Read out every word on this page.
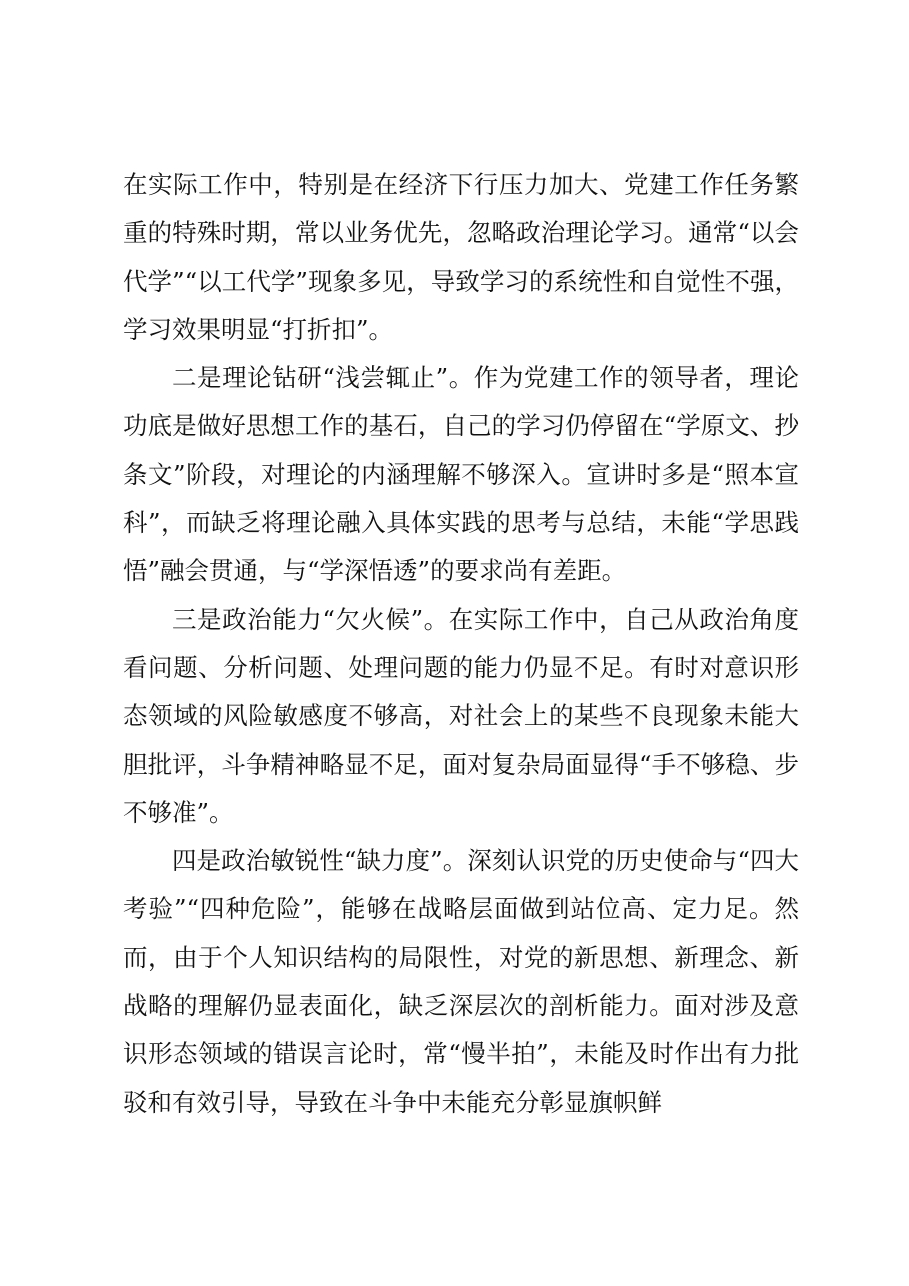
在实际工作中，特别是在经济下行压力加大、党建工作任务繁重的特殊时期，常以业务优先，忽略政治理论学习。通常“以会代学”“以工代学”现象多见，导致学习的系统性和自觉性不强，学习效果明显“打折扣”。

二是理论钻研“浅尝辄止”。作为党建工作的领导者，理论功底是做好思想工作的基石，自己的学习仍停留在“学原文、抄条文”阶段，对理论的内涵理解不够深入。宣讲时多是“照本宣科”，而缺乏将理论融入具体实践的思考与总结，未能“学思践悟”融会贯通，与“学深悟透”的要求尚有差距。

三是政治能力“欠火候”。在实际工作中，自己从政治角度看问题、分析问题、处理问题的能力仍显不足。有时对意识形态领域的风险敏感度不够高，对社会上的某些不良现象未能大胆批评，斗争精神略显不足，面对复杂局面显得“手不够稳、步不够准”。

四是政治敏锐性“缺力度”。深刻认识党的历史使命与“四大考验”“四种危险”，能够在战略层面做到站位高、定力足。然而，由于个人知识结构的局限性，对党的新思想、新理念、新战略的理解仍显表面化，缺乏深层次的剖析能力。面对涉及意识形态领域的错误言论时，常“慢半拍”，未能及时作出有力批驳和有效引导，导致在斗争中未能充分彰显旗帜鲜
